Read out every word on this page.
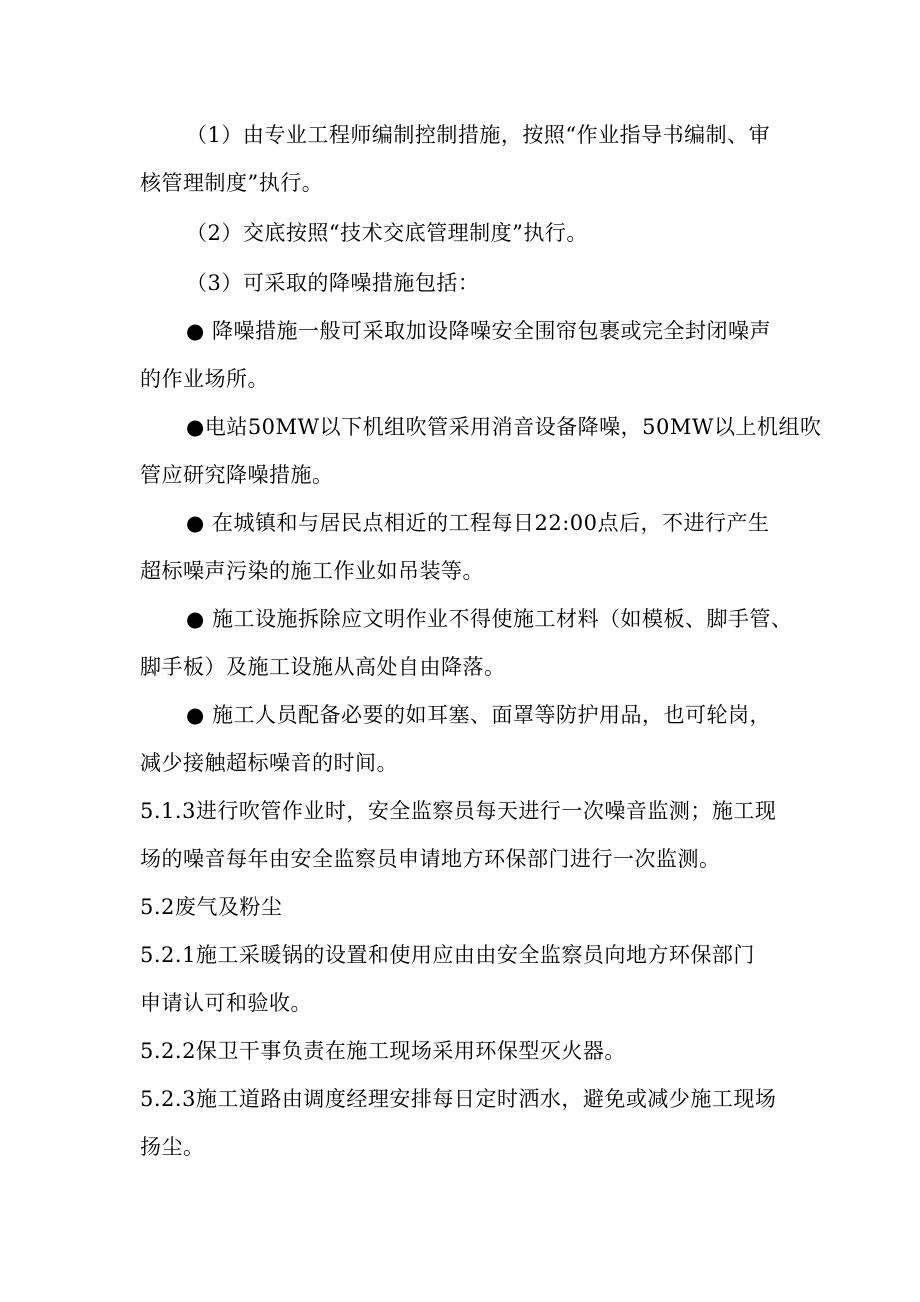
（1）由专业工程师编制控制措施，按照“作业指导书编制、审
核管理制度”执行。
（2）交底按照“技术交底管理制度”执行。
（3）可采取的降噪措施包括：
● 降噪措施一般可采取加设降噪安全围帘包裹或完全封闭噪声
的作业场所。
●电站50MW以下机组吹管采用消音设备降噪，50MW以上机组吹
管应研究降噪措施。
● 在城镇和与居民点相近的工程每日22:00点后，不进行产生
超标噪声污染的施工作业如吊装等。
● 施工设施拆除应文明作业不得使施工材料（如模板、脚手管、
脚手板）及施工设施从高处自由降落。
● 施工人员配备必要的如耳塞、面罩等防护用品，也可轮岗，
减少接触超标噪音的时间。
5.1.3进行吹管作业时，安全监察员每天进行一次噪音监测；施工现
场的噪音每年由安全监察员申请地方环保部门进行一次监测。
5.2废气及粉尘
5.2.1施工采暖锅的设置和使用应由由安全监察员向地方环保部门
申请认可和验收。
5.2.2保卫干事负责在施工现场采用环保型灭火器。
5.2.3施工道路由调度经理安排每日定时洒水，避免或减少施工现场
扬尘。
